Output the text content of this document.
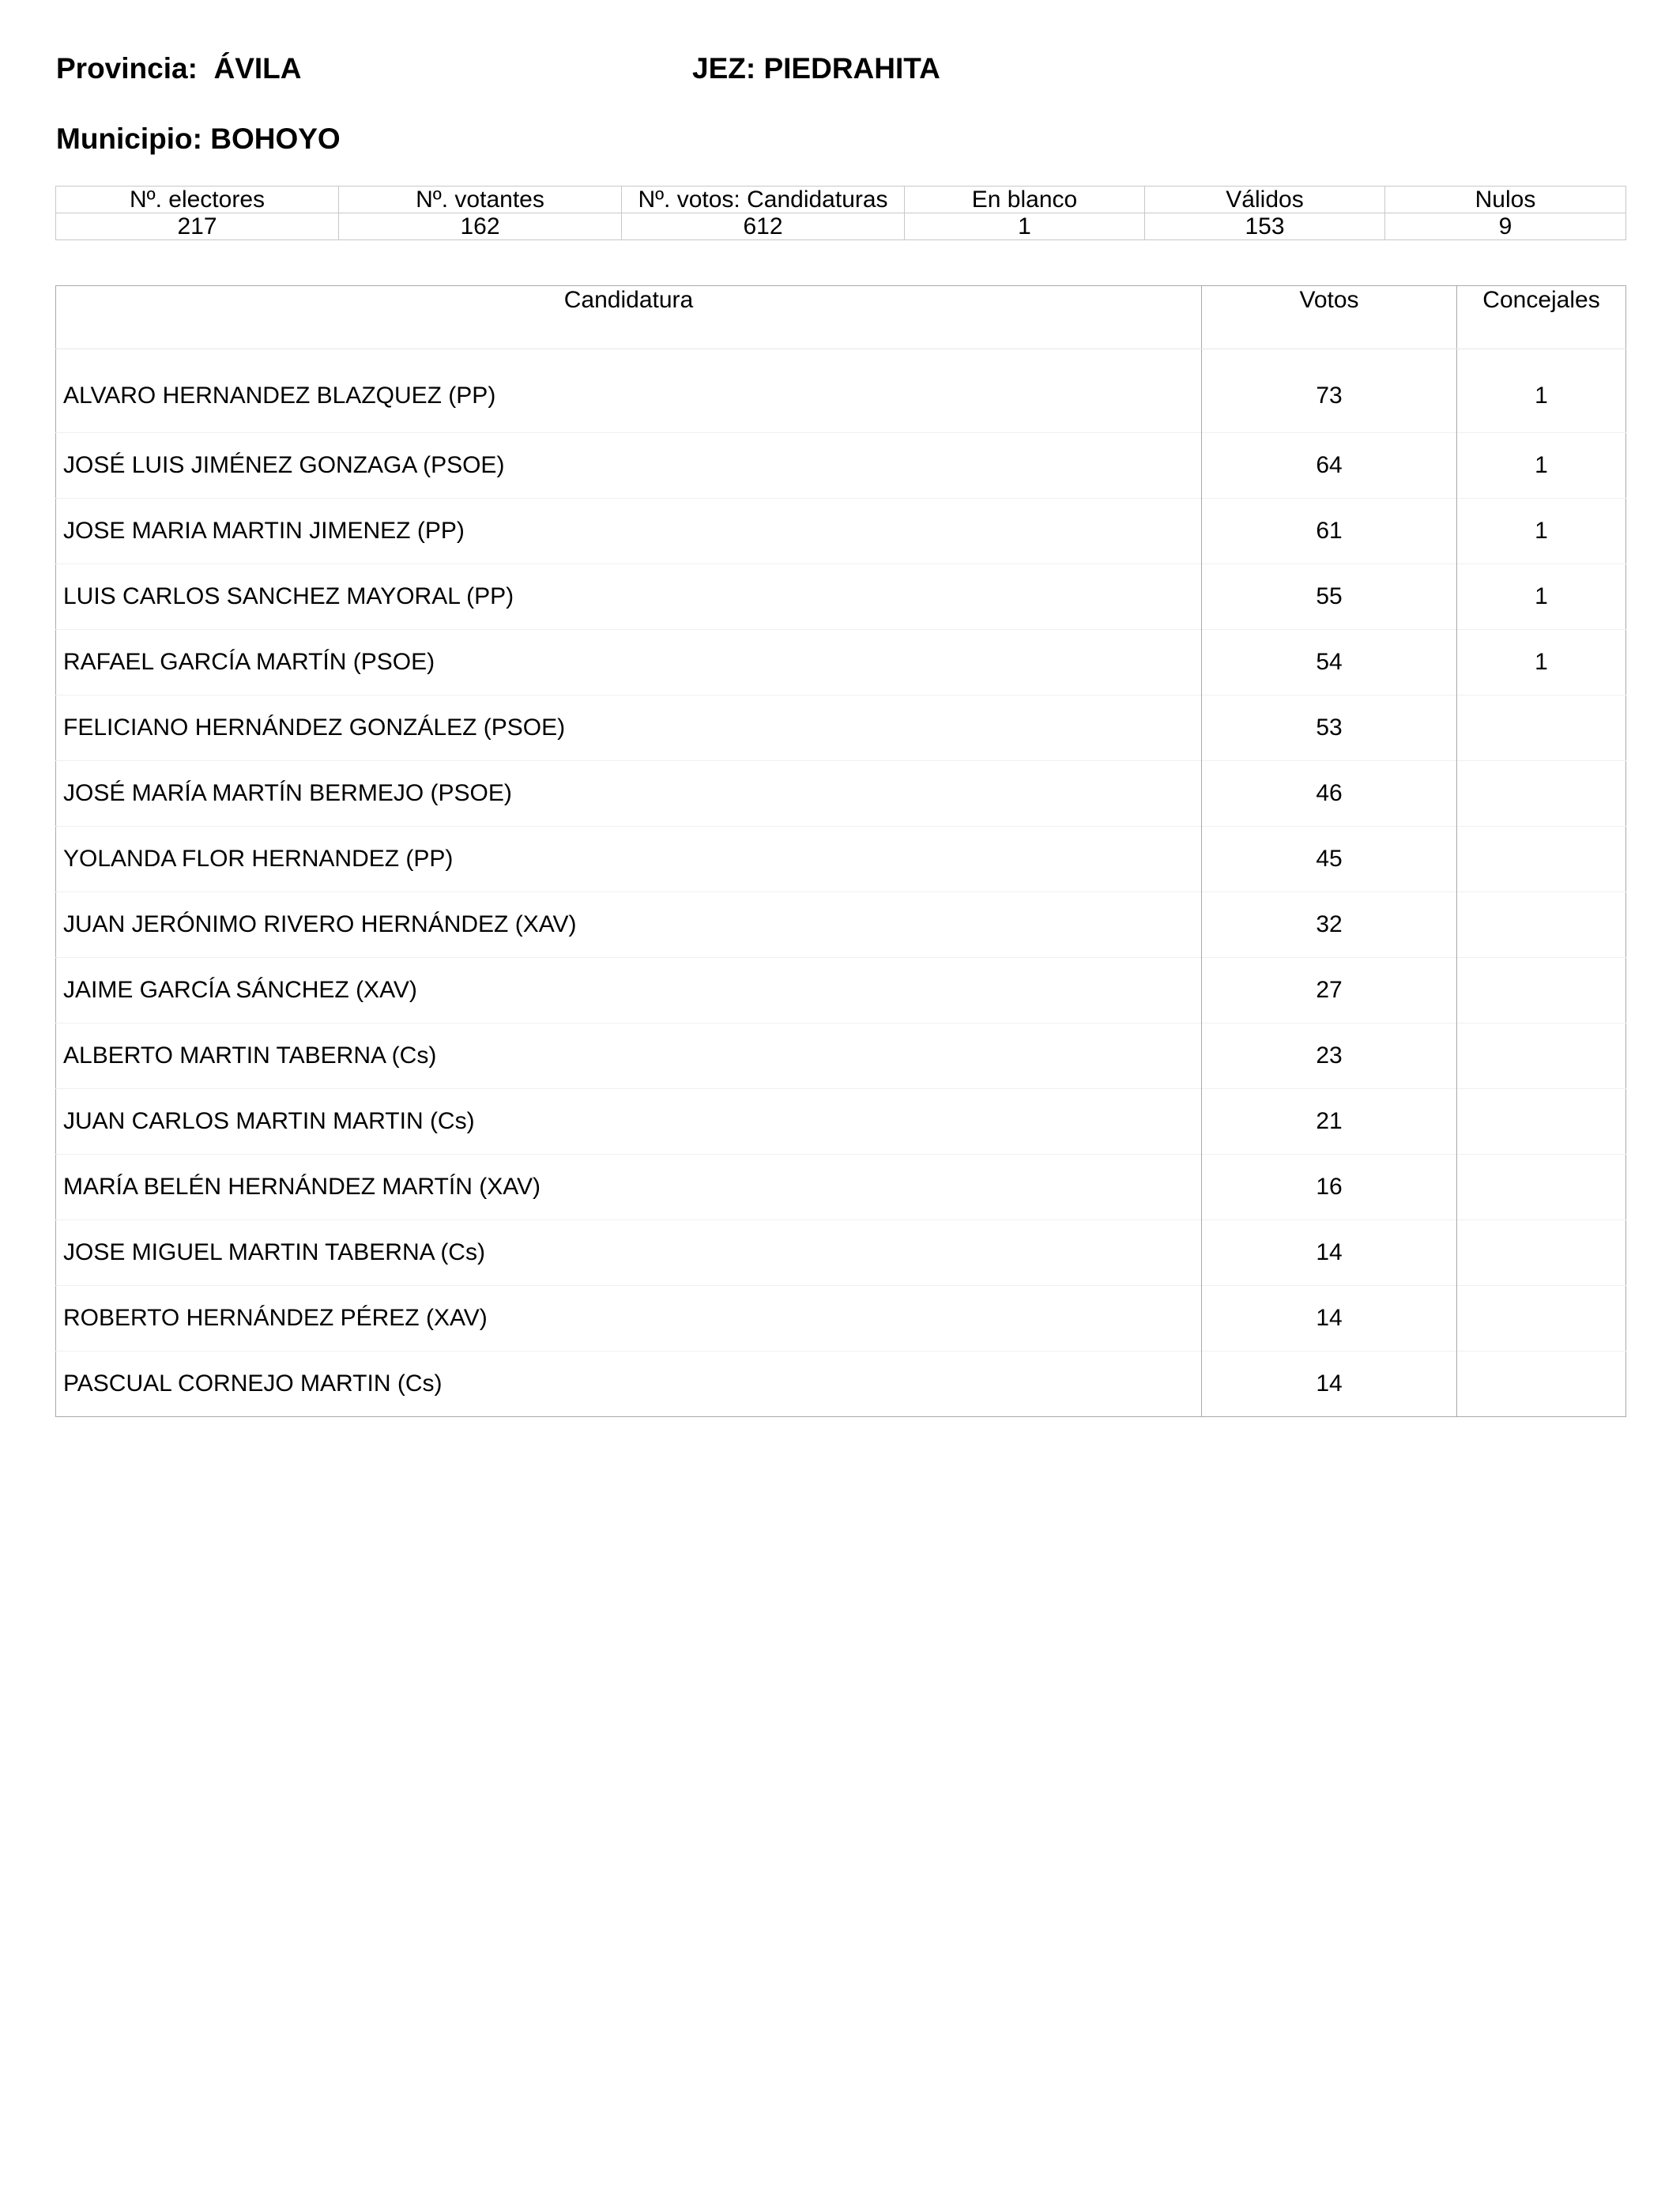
Provincia: ÁVILA	JEZ: PIEDRAHITA
Municipio: BOHOYO
Nº. electores	Nº. votantes	Nº. votos: Candidaturas	En blanco	Válidos	Nulos
217	162	612	1	153	9
Candidatura	Votos	Concejales
ALVARO HERNANDEZ BLAZQUEZ (PP)	73	1
JOSÉ LUIS JIMÉNEZ GONZAGA (PSOE)	64	1
JOSE MARIA MARTIN JIMENEZ (PP)	61	1
LUIS CARLOS SANCHEZ MAYORAL (PP)	55	1
RAFAEL GARCÍA MARTÍN (PSOE)	54	1
FELICIANO HERNÁNDEZ GONZÁLEZ (PSOE)	53	
JOSÉ MARÍA MARTÍN BERMEJO (PSOE)	46	
YOLANDA FLOR HERNANDEZ (PP)	45	
JUAN JERÓNIMO RIVERO HERNÁNDEZ (XAV)	32	
JAIME GARCÍA SÁNCHEZ (XAV)	27	
ALBERTO MARTIN TABERNA (Cs)	23	
JUAN CARLOS MARTIN MARTIN (Cs)	21	
MARÍA BELÉN HERNÁNDEZ MARTÍN (XAV)	16	
JOSE MIGUEL MARTIN TABERNA (Cs)	14	
ROBERTO HERNÁNDEZ PÉREZ (XAV)	14	
PASCUAL CORNEJO MARTIN (Cs)	14	
